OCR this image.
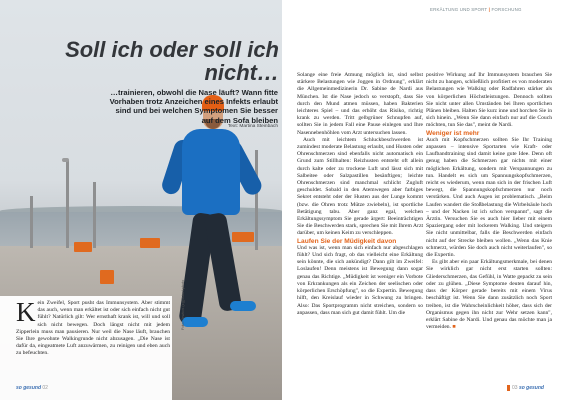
Soll ich oder soll ich nicht…
…trainieren, obwohl die Nase läuft? Wann fitte Vorhaben trotz Anzeichen eines Infekts erlaubt sind und bei welchen Symptomen Sie besser auf dem Sofa bleiben
Text: Martina Steinbach
Kein Zweifel, Sport pusht das Immunsystem. Aber stimmt das auch, wenn man erkältet ist oder sich einfach nicht gut fühlt? Natürlich gilt: Wer ernsthaft krank ist, will und soll sich nicht bewegen. Doch längst nicht mit jedem Zipperlein muss man pausieren. Nur weil die Nase läuft, brauchen Sie Ihre gewohnte Walkingrunde nicht abzusagen. „Die Nase ist dafür da, eingeatmete Luft anzuwärmen, zu reinigen und eben auch zu befeuchten.
Foto: Jewkos (zg)/istockphoto
ERKÄLTUNG UND SPORT | FORSCHUNG

Solange eine freie Atmung möglich ist, sind selbst stärkere Belastungen wie Joggen in Ordnung", erklärt die Allgemeinmedizinerin Dr. Sabine de Nardi aus München. Ist die Nase jedoch so verstopft, dass Sie durch den Mund atmen müssen, haben Bakterien leichteres Spiel – und das erhöht das Risiko, richtig krank zu werden. Tritt gelbgrüner Schnupfen auf, sollten Sie in jedem Fall eine Pause einlegen und Ihre Nasennebenhöhlen vom Arzt untersuchen lassen.

Auch mit leichtem Schluckbeschwerden ist zumindest moderate Belastung erlaubt, und Husten oder Ohrenschmerzen sind ebenfalls nicht automatisch ein Grund zum Stillhalten: Reizhusten entsteht oft allein durch kalte oder zu trockene Luft und lässt sich mit Salbeitee oder Salzpastillen besänftigen; leichte Ohrenschmerzen sind manchmal schlicht Zugluft geschuldet. Sobald in den Atemwegen aber farbiges Sekret entsteht oder der Husten aus der Lunge kommt (bzw. die Ohren trotz Mütze zwiebeln), ist sportliche Betätigung tabu. Aber ganz egal, welchen Erkältungssymptom Sie gerade ärgert: Beeinträchtigen Sie die Beschwerden stark, sprechen Sie mit Ihrem Arzt darüber, um keinen Keim zu verschleppen.

Laufen Sie der Müdigkeit davon

Und was ist, wenn man sich einfach nur abgeschlagen fühlt? Und sich fragt, ob das vielleicht eine Erkältung sein könnte, die sich ankündigt? Dann gilt im Zweifel: Loslaufen! Denn meistens ist Bewegung dann sogar genau das Richtige. „Müdigkeit ist weniger ein Vorbote von Erkrankungen als ein Zeichen der seelischen oder körperlichen Erschöpfung", so die Expertin. Bewegung hilft, den Kreislauf wieder in Schwung zu bringen. Also: Das Sportprogramm nicht streichen, sondern so anpassen, dass man sich gut damit fühlt. Um die

positive Wirkung auf Ihr Immunsystem brauchen Sie nicht zu bangen, schließlich profitiert es von moderaten Belastungen wie Walking oder Radfahren stärker als von körperlichen Höchstleistungen. Dennoch sollten Sie nicht unter allen Umständen bei Ihren sportlichen Plänen bleiben. Halten Sie kurz inne und horchen Sie in sich hinein. „Wenn Sie dann einfach nur auf die Couch möchten, tun Sie das", meint de Nardi.

Weniger ist mehr

Auch mit Kopfschmerzen sollten Sie Ihr Training anpassen – intensive Sportarten wie Kraft- oder Laufbandtraining sind damit keine gute Idee. Denn oft genug haben die Schmerzen gar nichts mit einer möglichen Erkältung, sondern mit Verspannungen zu tun. Handelt es sich um Spannungskopfschmerzen, reicht es wiederum, wenn man sich in der frischen Luft bewegt, die Spannungskopfschmerzen nur noch verstärken. Und auch Augen ist problematisch. „Beim Laufen wandert die Stoßbelastung die Wirbelsäule hoch – und der Nacken ist ich schon verspannt", sagt die Ärztin. Versuchen Sie es auch hier lieber mit einem Spaziergang oder mit lockerem Walking. Und steigern Sie nicht unmittelbar, falls die Beschwerden einfach nicht auf der Strecke bleiben wollen. „Wenn das Knie schmerzt, würden Sie doch auch nicht weiterlaufen", so die Expertin.

Es gibt aber ein paar Erkältungsmerkmale, bei denen Sie wirklich gar nicht erst starten sollten: Gliederschmerzen, das Gefühl, in Watte gepackt zu sein oder zu glühen. „Diese Symptome deuten darauf hin, dass der Körper gerade bereits mit einem Virus beschäftigt ist. Wenn Sie dann zusätzlich noch Sport treiben, ist die Wahrscheinlichkeit höher, dass sich der Organismus gegen ihn nicht zur Wehr setzen kann", erklärt Sabine de Nardi. Und genau das möchte man ja vermeiden. ■

so gesund 02	03 so gesund
